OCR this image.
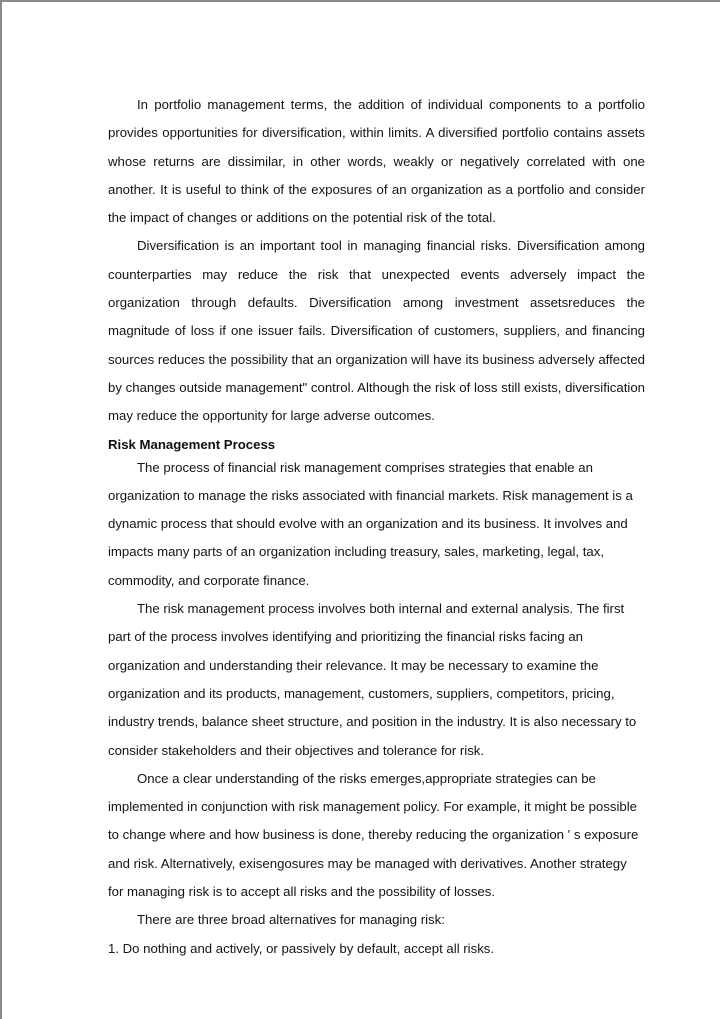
In portfolio management terms, the addition of individual components to a portfolio provides opportunities for diversification, within limits. A diversified portfolio contains assets whose returns are dissimilar, in other words, weakly or negatively correlated with one another. It is useful to think of the exposures of an organization as a portfolio and consider the impact of changes or additions on the potential risk of the total.

Diversification is an important tool in managing financial risks. Diversification among counterparties may reduce the risk that unexpected events adversely impact the organization through defaults. Diversification among investment assetsreduces the magnitude of loss if one issuer fails. Diversification of customers, suppliers, and financing sources reduces the possibility that an organization will have its business adversely affected by changes outside management" control. Although the risk of loss still exists, diversification may reduce the opportunity for large adverse outcomes.

Risk Management Process

The process of financial risk management comprises strategies that enable an organization to manage the risks associated with financial markets. Risk management is a dynamic process that should evolve with an organization and its business. It involves and impacts many parts of an organization including treasury, sales, marketing, legal, tax, commodity, and corporate finance.

The risk management process involves both internal and external analysis. The first part of the process involves identifying and prioritizing the financial risks facing an organization and understanding their relevance. It may be necessary to examine the organization and its products, management, customers, suppliers, competitors, pricing, industry trends, balance sheet structure, and position in the industry. It is also necessary to consider stakeholders and their objectives and tolerance for risk.

Once a clear understanding of the risks emerges,appropriate strategies can be implemented in conjunction with risk management policy. For example, it might be possible to change where and how business is done, thereby reducing the organization ' s exposure and risk. Alternatively, exisengosures may be managed with derivatives. Another strategy for managing risk is to accept all risks and the possibility of losses.

There are three broad alternatives for managing risk:

1. Do nothing and actively, or passively by default, accept all risks.
